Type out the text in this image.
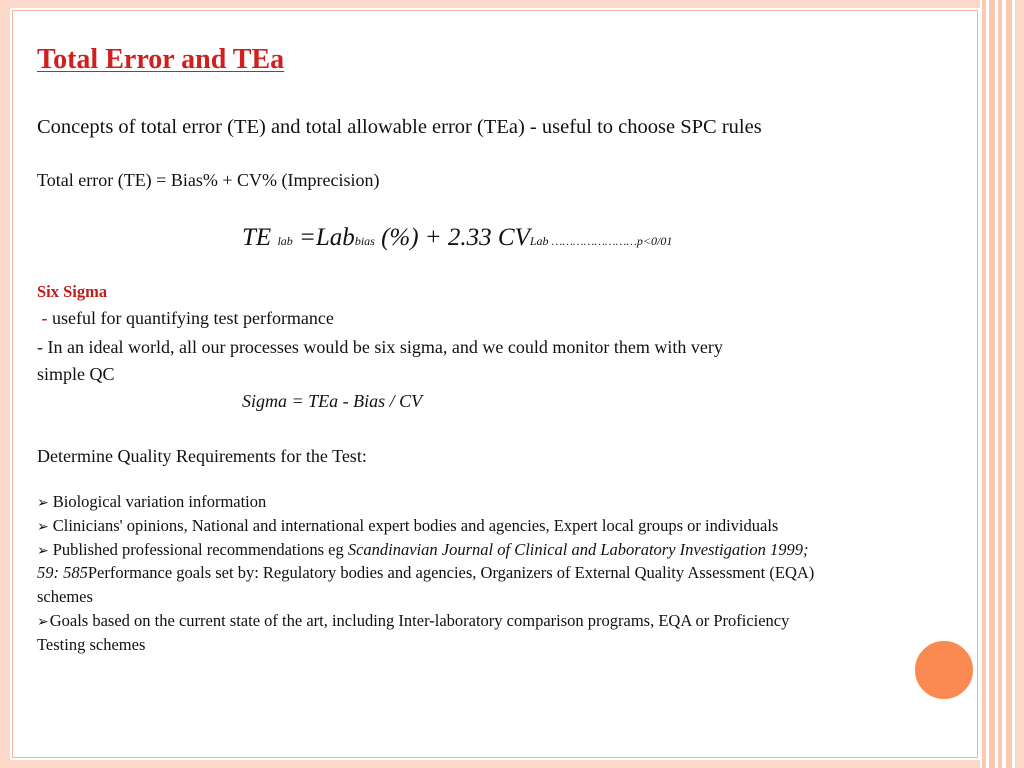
Total Error and TEa
Concepts of total error (TE) and total allowable error (TEa) - useful to choose SPC rules
Total error (TE) = Bias% + CV% (Imprecision)
TE lab =Labbias (%) + 2.33 CVLab ……………………p<0/01
Six Sigma
- useful for quantifying test performance
- In an ideal world, all our processes would be six sigma, and we could monitor them with very
simple QC
Sigma = TEa - Bias / CV
Determine Quality Requirements for the Test:
➢ Biological variation information
➢ Clinicians' opinions, National and international expert bodies and agencies, Expert local groups or individuals
➢ Published professional recommendations eg Scandinavian Journal of Clinical and Laboratory Investigation 1999;
59: 585Performance goals set by: Regulatory bodies and agencies, Organizers of External Quality Assessment (EQA)
schemes
➢Goals based on the current state of the art, including Inter-laboratory comparison programs, EQA or Proficiency
Testing schemes
